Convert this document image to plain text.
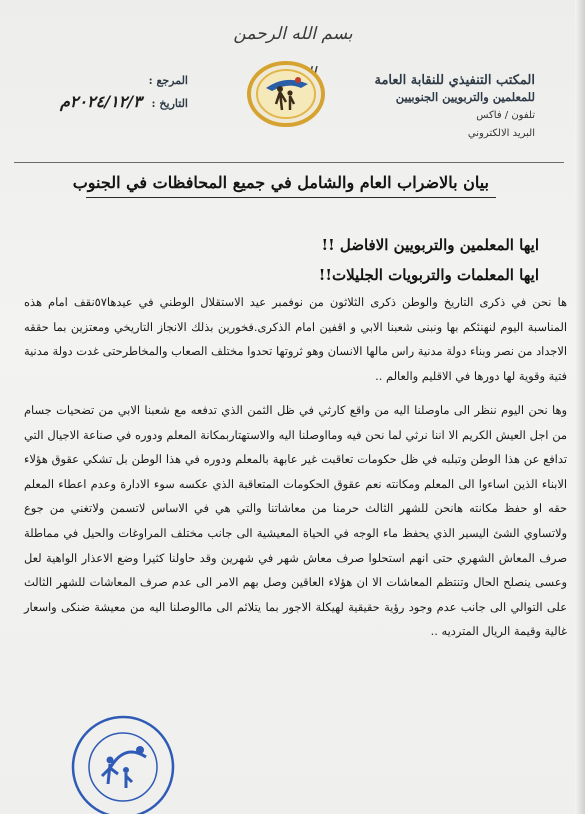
بسم الله الرحمن
المرجع :
التاريخ : ٢٠٢٤/١٢/٣م
المكتب التنفيذي للنقابة العامة
للمعلمين والتربويين الجنوبيين
تلفون / فاكس
البريد الالكتروني
بيان بالاضراب العام والشامل في جميع المحافظات في الجنوب
ايها المعلمين والتربويين الافاضل !!
ايها المعلمات والتربويات الجليلات!!
ها نحن في ذكرى التاريخ والوطن ذكرى الثلاثون من نوفمبر عيد الاستقلال الوطني في عيدها٥٧نقف امام هذه المناسبة اليوم لنهنئكم بها ونبنى شعبنا الابي و اقفين امام الذكرى.فخورين بذلك الانجاز التاريخي ومعتزين بما حققه الاجداد من نصر وبناء دولة مدنية راس مالها الانسان وهو ثروتها تحدوا مختلف الصعاب والمخاطرحتى غدت دولة مدنية فتية وقوية لها دورها في الاقليم والعالم ..
وها نحن اليوم ننظر الى ماوصلنا اليه من واقع كارثي في ظل الثمن الذي تدفعه مع شعبنا الابي من تضحيات جسام من اجل العيش الكريم الا اننا نرثي لما نحن فيه ومااوصلنا اليه والاستهتاربمكانة المعلم ودوره في صناعة الاجيال التي تدافع عن هذا الوطن وتبلبه في ظل حكومات تعاقبت غير عابهة بالمعلم ودوره في هذا الوطن بل تشكي عقوق هؤلاء الابناء الذين اساءوا الى المعلم ومكانته نعم عقوق الحكومات المتعاقبة الذي عكسه سوء الادارة وعدم اعطاء المعلم حقه او حفظ مكانته هانحن للشهر الثالث حرمنا من معاشاتنا والتي هي في الاساس لاتسمن ولاتغني من جوع ولاتساوي الشئ اليسير الذي يحفظ ماء الوجه في الحياة المعيشية الى جانب مختلف المراوغات والحيل في مماطلة صرف المعاش الشهري حتى انهم استحلوا صرف معاش شهر في شهرين وقد حاولنا كثيرا وضع الاعذار الواهية لعل وعسى ينصلح الحال وتنتظم المعاشات الا ان هؤلاء العاقين وصل بهم الامر الى عدم صرف المعاشات للشهر الثالث على التوالي الى جانب عدم وجود رؤية حقيقية لهيكلة الاجور بما يتلائم الى ماالوصلنا اليه من معيشة ضنكى واسعار غالية وقيمة الريال المترديه ..
